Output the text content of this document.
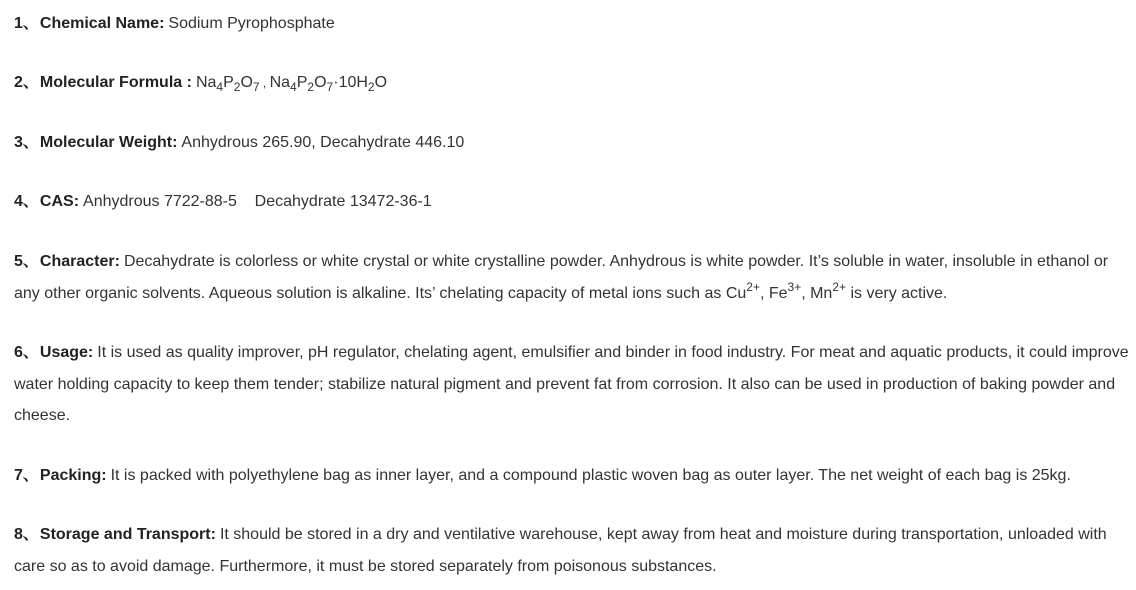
1、Chemical Name: Sodium Pyrophosphate

2、Molecular Formula : $Na_4P_2O_7$ , $Na_4P_2O_7\cdot 10H_2O$

3、Molecular Weight: Anhydrous 265.90, Decahydrate 446.10

4、CAS: Anhydrous 7722-88-5    Decahydrate 13472-36-1

5、Character: Decahydrate is colorless or white crystal or white crystalline powder. Anhydrous is white powder. It’s soluble in water, insoluble in ethanol or any other organic solvents. Aqueous solution is alkaline. Its’ chelating capacity of metal ions such as $Cu^{2+}$, $Fe^{3+}$, $Mn^{2+}$ is very active.

6、Usage: It is used as quality improver, pH regulator, chelating agent, emulsifier and binder in food industry. For meat and aquatic products, it could improve water holding capacity to keep them tender; stabilize natural pigment and prevent fat from corrosion. It also can be used in production of baking powder and cheese.

7、Packing: It is packed with polyethylene bag as inner layer, and a compound plastic woven bag as outer layer. The net weight of each bag is 25kg.

8、Storage and Transport: It should be stored in a dry and ventilative warehouse, kept away from heat and moisture during transportation, unloaded with care so as to avoid damage. Furthermore, it must be stored separately from poisonous substances.
